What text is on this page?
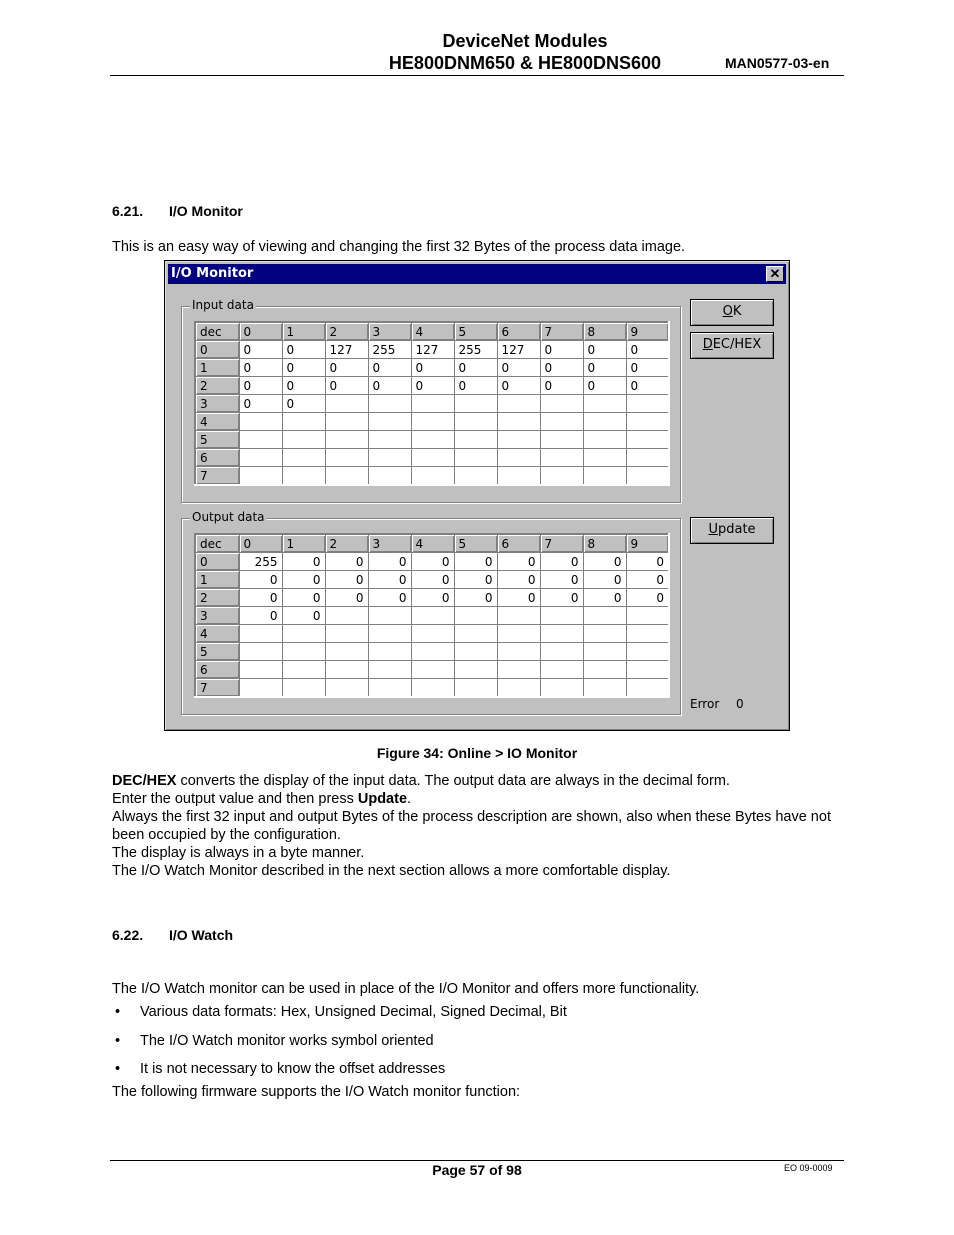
DeviceNet Modules
HE800DNM650 & HE800DNS600	MAN0577-03-en
6.21. I/O Monitor
This is an easy way of viewing and changing the first 32 Bytes of the process data image.
I/O Monitor	✕
Input data
dec	0	1	2	3	4	5	6	7	8	9
0	0	0	127	255	127	255	127	0	0	0
1	0	0	0	0	0	0	0	0	0	0
2	0	0	0	0	0	0	0	0	0	0
3	0	0								
4										
5										
6										
7										
Output data
dec	0	1	2	3	4	5	6	7	8	9
0	255	0	0	0	0	0	0	0	0	0
1	0	0	0	0	0	0	0	0	0	0
2	0	0	0	0	0	0	0	0	0	0
3	0	0								
4										
5										
6										
7										
OK
DEC/HEX
Update
Error 0
Figure 34: Online > IO Monitor
DEC/HEX converts the display of the input data. The output data are always in the decimal form.
Enter the output value and then press Update.
Always the first 32 input and output Bytes of the process description are shown, also when these Bytes have not been occupied by the configuration.
The display is always in a byte manner.
The I/O Watch Monitor described in the next section allows a more comfortable display.
6.22. I/O Watch
The I/O Watch monitor can be used in place of the I/O Monitor and offers more functionality.
• Various data formats: Hex, Unsigned Decimal, Signed Decimal, Bit
• The I/O Watch monitor works symbol oriented
• It is not necessary to know the offset addresses
The following firmware supports the I/O Watch monitor function:
Page 57 of 98	EO 09-0009
